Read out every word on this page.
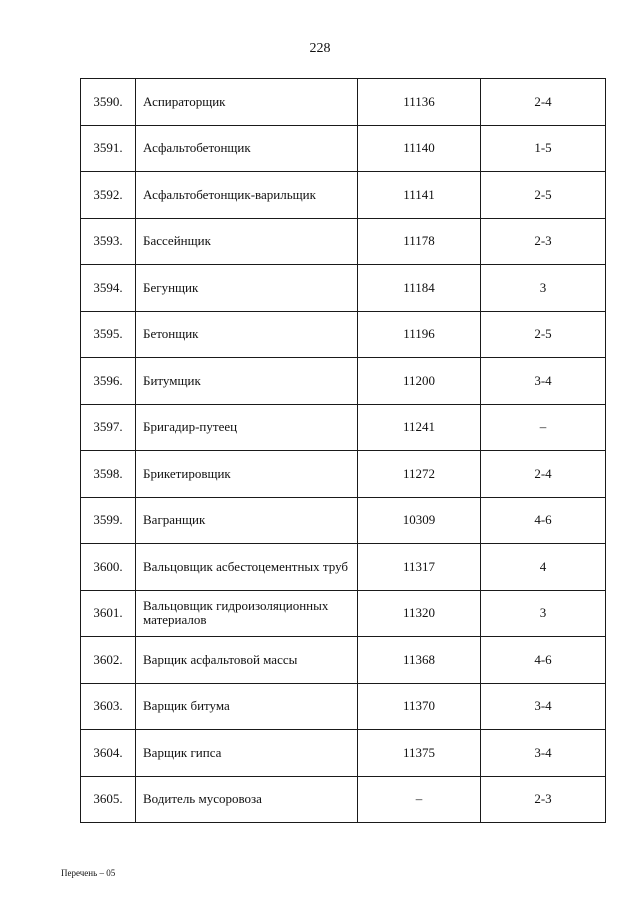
228
3590.	Аспираторщик	11136	2-4
3591.	Асфальтобетонщик	11140	1-5
3592.	Асфальтобетонщик-варильщик	11141	2-5
3593.	Бассейнщик	11178	2-3
3594.	Бегунщик	11184	3
3595.	Бетонщик	11196	2-5
3596.	Битумщик	11200	3-4
3597.	Бригадир-путеец	11241	–
3598.	Брикетировщик	11272	2-4
3599.	Вагранщик	10309	4-6
3600.	Вальцовщик асбестоцементных труб	11317	4
3601.	Вальцовщик гидроизоляционных материалов	11320	3
3602.	Варщик асфальтовой массы	11368	4-6
3603.	Варщик битума	11370	3-4
3604.	Варщик гипса	11375	3-4
3605.	Водитель мусоровоза	–	2-3
Перечень – 05
